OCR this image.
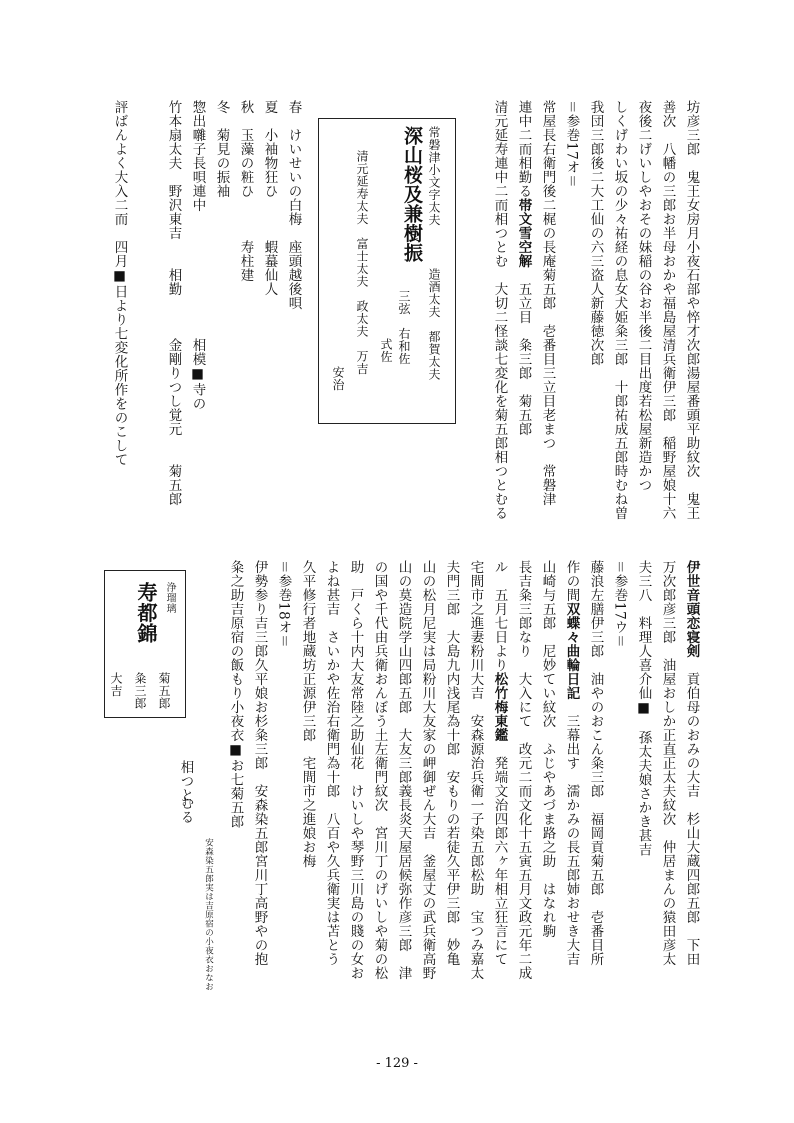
坊彦三郎　鬼王女房月小夜石部や悴才次郎湯屋番頭平助紋次　鬼王
善次　八幡の三郎お半母おかや福島屋清兵衛伊三郎　稲野屋娘十六
夜後二げいしやおその妹稲の谷お半後二目出度若松屋新造かつ
しくげわい坂の少々祐経の息女犬姫粂三郎　十郎祐成五郎時むね曽
我団三郎後二大工仙の六三盗人新藤徳次郎
＝参巻17オ＝
常屋長右衛門後二梶の長庵菊五郎　壱番目三立目老まつ　常磐津
連中二而相勤る帯文雪空解　五立目　粂三郎　菊五郎
清元延寿連中二而相つとむ　大切二怪談七変化を菊五郎相つとむる
常磐津小文字太夫
造酒太夫　都賀太夫
深山桜及兼樹振
三弦　右和佐
式佐
清元延寿太夫　富士太夫　政太夫　万吉
安治
春　けいせいの白梅　座頭越後唄
夏　小袖物狂ひ　　　蝦蟇仙人
秋　玉藻の粧ひ　　　寿柱建
冬　菊見の振袖
惣出囃子長唄連中　　　　　　　　　相模■寺の
竹本扇太夫　野沢東吉　　相勤　　　金剛りつし覚元　　菊五郎
評ばんよく大入二而　四月■日より七変化所作をのこして
伊世音頭恋寝剣　貢伯母のおみの大吉　杉山大蔵四郎五郎　下田
万次郎彦三郎　油屋おしか正直正太夫紋次　仲居まんの猿田彦太
夫三八　料理人喜介仙■　孫太夫娘さかき甚吉
＝参巻17ウ＝
藤浪左膳伊三郎　油やのおこん粂三郎　福岡貢菊五郎　壱番目所
作の間双蝶々曲輪日記　三幕出す　濡かみの長五郎姉おせき大吉
山崎与五郎　尼妙てい紋次　ふじやあづま路之助　はなれ駒
長吉粂三郎なり　大入にて　改元二而文化十五寅五月文政元年二成
ル　五月七日より松竹梅東鑑　発端文治四郎六ヶ年相立狂言にて
宅間市之進妻粉川大吉　安森源治兵衛一子染五郎松助　宝つみ嘉太
夫門三郎　大島九内浅尾為十郎　安もりの若徒久平伊三郎　妙亀
山の松月尼実は局粉川大友家の岬御ぜん大吉　釜屋丈の武兵衛高野
山の莫造院学山四郎五郎　大友三郎義長炎天屋居候弥作彦三郎　津
の国や千代由兵衛おんぼう土左衛門紋次　宮川丁のげいしや菊の松
助　戸くら十内大友常陸之助仙花　けいしや琴野三川島の賤の女お
よね甚吉　さいかや佐治右衛門為十郎　八百や久兵衛実は苫とう
久平修行者地蔵坊正源伊三郎　宅間市之進娘お梅
＝参巻18オ＝
伊勢参り吉三郎久平娘お杉粂三郎　安森染五郎宮川丁高野やの抱
粂之助吉原宿の飯もり小夜衣■お七菊五郎
安森染五郎実は吉原宿の小夜衣おなお
相つと
むる
浄瑠璃
寿都錦
菊五郎
粂三郎
大吉
- 129 -
